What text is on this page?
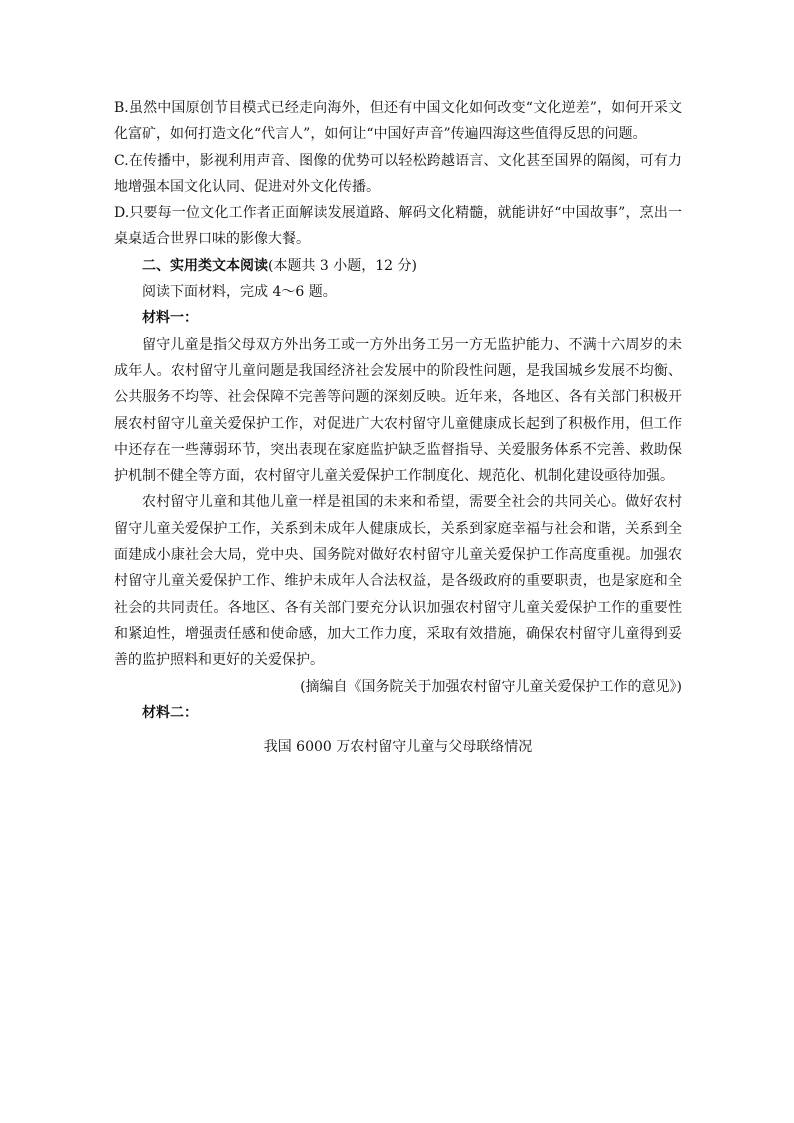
B.虽然中国原创节目模式已经走向海外，但还有中国文化如何改变“文化逆差”，如何开采文化富矿，如何打造文化“代言人”，如何让“中国好声音”传遍四海这些值得反思的问题。

C.在传播中，影视利用声音、图像的优势可以轻松跨越语言、文化甚至国界的隔阂，可有力地增强本国文化认同、促进对外文化传播。

D.只要每一位文化工作者正面解读发展道路、解码文化精髓，就能讲好“中国故事”，烹出一桌桌适合世界口味的影像大餐。

二、实用类文本阅读(本题共 3 小题，12 分)

阅读下面材料，完成 4～6 题。

材料一：

留守儿童是指父母双方外出务工或一方外出务工另一方无监护能力、不满十六周岁的未成年人。农村留守儿童问题是我国经济社会发展中的阶段性问题，是我国城乡发展不均衡、公共服务不均等、社会保障不完善等问题的深刻反映。近年来，各地区、各有关部门积极开展农村留守儿童关爱保护工作，对促进广大农村留守儿童健康成长起到了积极作用，但工作中还存在一些薄弱环节，突出表现在家庭监护缺乏监督指导、关爱服务体系不完善、救助保护机制不健全等方面，农村留守儿童关爱保护工作制度化、规范化、机制化建设亟待加强。

农村留守儿童和其他儿童一样是祖国的未来和希望，需要全社会的共同关心。做好农村留守儿童关爱保护工作，关系到未成年人健康成长，关系到家庭幸福与社会和谐，关系到全面建成小康社会大局，党中央、国务院对做好农村留守儿童关爱保护工作高度重视。加强农村留守儿童关爱保护工作、维护未成年人合法权益，是各级政府的重要职责，也是家庭和全社会的共同责任。各地区、各有关部门要充分认识加强农村留守儿童关爱保护工作的重要性和紧迫性，增强责任感和使命感，加大工作力度，采取有效措施，确保农村留守儿童得到妥善的监护照料和更好的关爱保护。

(摘编自《国务院关于加强农村留守儿童关爱保护工作的意见》)

材料二：

我国 6000 万农村留守儿童与父母联络情况
